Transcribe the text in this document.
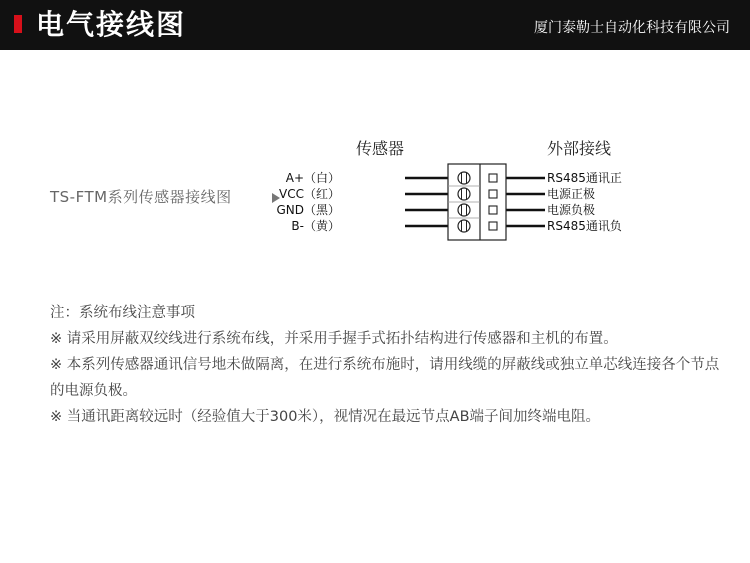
电气接线图	厦门泰勒士自动化科技有限公司
TS-FTM系列传感器接线图
传感器	外部接线
A+（白）
VCC（红）
GND（黑）
B-（黄）
RS485通讯正
电源正极
电源负极
RS485通讯负

注：系统布线注意事项

※ 请采用屏蔽双绞线进行系统布线，并采用手握手式拓扑结构进行传感器和主机的布置。

※ 本系列传感器通讯信号地未做隔离，在进行系统布施时，请用线缆的屏蔽线或独立单芯线连接各个节点的电源负极。

※ 当通讯距离较远时（经验值大于300米），视情况在最远节点AB端子间加终端电阻。
